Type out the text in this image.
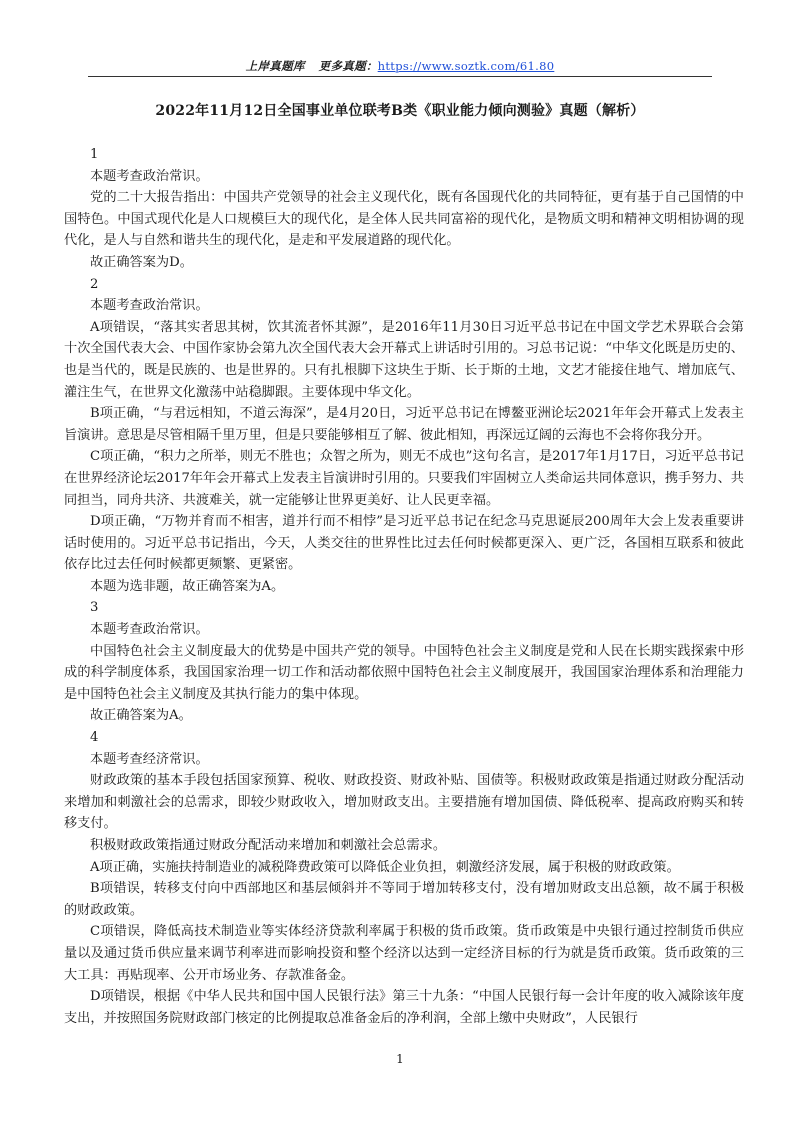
上岸真题库 更多真题：https://www.soztk.com/61.80
2022年11月12日全国事业单位联考B类《职业能力倾向测验》真题（解析）

1

本题考查政治常识。

党的二十大报告指出：中国共产党领导的社会主义现代化，既有各国现代化的共同特征，更有基于自己国情的中国特色。中国式现代化是人口规模巨大的现代化，是全体人民共同富裕的现代化，是物质文明和精神文明相协调的现代化，是人与自然和谐共生的现代化，是走和平发展道路的现代化。

故正确答案为D。

2

本题考查政治常识。

A项错误，“落其实者思其树，饮其流者怀其源”，是2016年11月30日习近平总书记在中国文学艺术界联合会第十次全国代表大会、中国作家协会第九次全国代表大会开幕式上讲话时引用的。习总书记说：“中华文化既是历史的、也是当代的，既是民族的、也是世界的。只有扎根脚下这块生于斯、长于斯的土地，文艺才能接住地气、增加底气、灌注生气，在世界文化激荡中站稳脚跟。主要体现中华文化。

B项正确，“与君远相知，不道云海深”，是4月20日，习近平总书记在博鳌亚洲论坛2021年年会开幕式上发表主旨演讲。意思是尽管相隔千里万里，但是只要能够相互了解、彼此相知，再深远辽阔的云海也不会将你我分开。

C项正确，“积力之所举，则无不胜也；众智之所为，则无不成也”这句名言，是2017年1月17日，习近平总书记在世界经济论坛2017年年会开幕式上发表主旨演讲时引用的。只要我们牢固树立人类命运共同体意识，携手努力、共同担当，同舟共济、共渡难关，就一定能够让世界更美好、让人民更幸福。

D项正确，“万物并育而不相害，道并行而不相悖”是习近平总书记在纪念马克思诞辰200周年大会上发表重要讲话时使用的。习近平总书记指出，今天，人类交往的世界性比过去任何时候都更深入、更广泛，各国相互联系和彼此依存比过去任何时候都更频繁、更紧密。

本题为选非题，故正确答案为A。

3

本题考查政治常识。

中国特色社会主义制度最大的优势是中国共产党的领导。中国特色社会主义制度是党和人民在长期实践探索中形成的科学制度体系，我国国家治理一切工作和活动都依照中国特色社会主义制度展开，我国国家治理体系和治理能力是中国特色社会主义制度及其执行能力的集中体现。

故正确答案为A。

4

本题考查经济常识。

财政政策的基本手段包括国家预算、税收、财政投资、财政补贴、国债等。积极财政政策是指通过财政分配活动来增加和刺激社会的总需求，即较少财政收入，增加财政支出。主要措施有增加国债、降低税率、提高政府购买和转移支付。

积极财政政策指通过财政分配活动来增加和刺激社会总需求。

A项正确，实施扶持制造业的减税降费政策可以降低企业负担，刺激经济发展，属于积极的财政政策。

B项错误，转移支付向中西部地区和基层倾斜并不等同于增加转移支付，没有增加财政支出总额，故不属于积极的财政政策。

C项错误，降低高技术制造业等实体经济贷款利率属于积极的货币政策。货币政策是中央银行通过控制货币供应量以及通过货币供应量来调节利率进而影响投资和整个经济以达到一定经济目标的行为就是货币政策。货币政策的三大工具：再贴现率、公开市场业务、存款准备金。

D项错误，根据《中华人民共和国中国人民银行法》第三十九条：“中国人民银行每一会计年度的收入减除该年度支出，并按照国务院财政部门核定的比例提取总准备金后的净利润，全部上缴中央财政”，人民银行

1
